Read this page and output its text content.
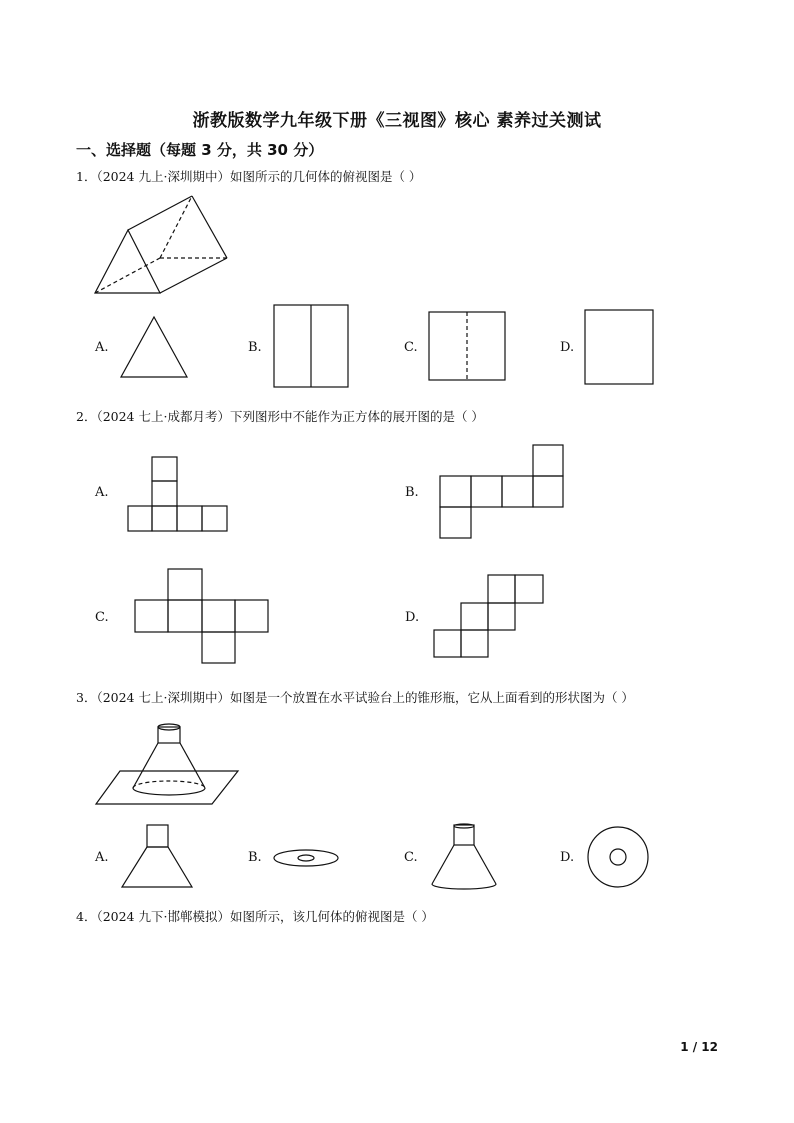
浙教版数学九年级下册《三视图》核心 素养过关测试
一、选择题（每题 3 分，共 30 分）
1．（2024 九上·深圳期中）如图所示的几何体的俯视图是（ ）
A.	B.	C.	D.
2．（2024 七上·成都月考）下列图形中不能作为正方体的展开图的是（ ）
A.	B.
C.	D.
3．（2024 七上·深圳期中）如图是一个放置在水平试验台上的锥形瓶，它从上面看到的形状图为（ ）
A.	B.	C.	D.
4．（2024 九下·邯郸模拟）如图所示，该几何体的俯视图是（ ）
1 / 12
